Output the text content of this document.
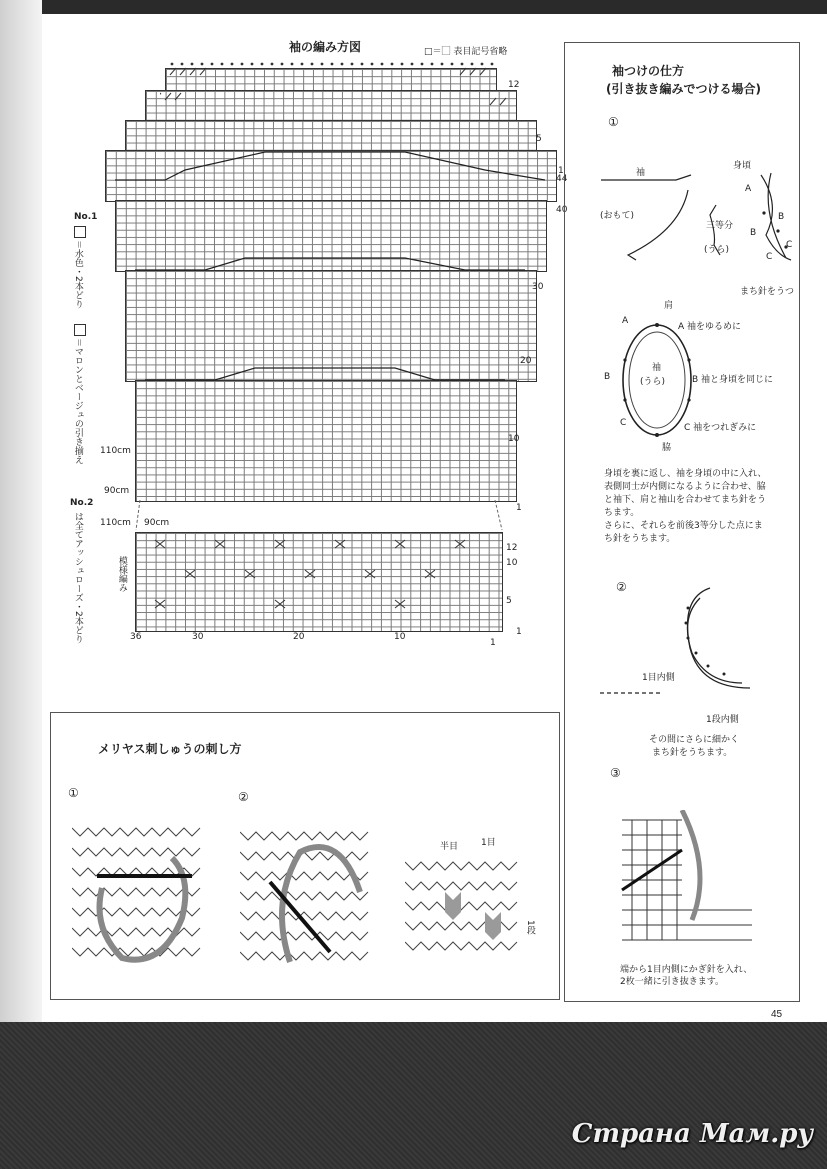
袖の編み方図	□＝⃞ 表目記号省略
12
5
1
44
40
30
20
10
1
110cm
90cm
110cm 90cm
No.1
＝水色・2本どり
＝マロンとベージュの引き揃え
No.2
は全てアッシュローズ・2本どり	模様編み
12
10
5
1
36	30	20	10
1
メリヤス刺しゅうの刺し方
①	②
半目	1目
1段
袖つけの仕方
(引き抜き編みでつける場合)
①
袖
(おもて)
身頃
三等分
(うら)
A
B
B
C
C
まち針をうつ
肩
A
A 袖をゆるめに
袖
(うら)
B	B 袖と身頃を同じに
C	C 袖をつれぎみに
脇
身頃を裏に返し、袖を身頃の中に入れ、
表側同士が内側になるように合わせ、脇
と袖下、肩と袖山を合わせてまち針をう
ちます。
さらに、それらを前後3等分した点にま
ち針をうちます。
②
1目内側
1段内側
その間にさらに細かく
まち針をうちます。
③
端から1目内側にかぎ針を入れ、
2枚一緒に引き抜きます。
45
Страна Мам.ру
